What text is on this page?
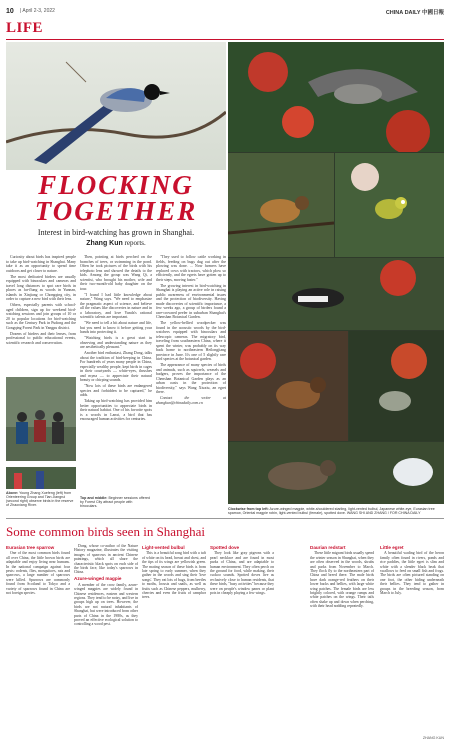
10 | April 2-3, 2022	CHINA DAILY 中國日報
LIFE
FLOCKING
TOGETHER
Interest in bird-watching has grown in Shanghai.
Zhang Kun reports.

Curiosity about birds has inspired people to take up bird-watching in Shanghai. Many take it as an opportunity to spend time outdoors and get closer to nature.

The most dedicated birders are usually equipped with binoculars and cameras and travel long distances to spot rare birds in places as far-flung as woods in Yunnan, islands in Xinjiang or Chongqing city, in order to capture a new bird with their lens.

Others, especially parents with school-aged children, sign up for weekend bird-watching sessions and join groups of 10 or 20 to popular locations for bird-watching such as the Century Park in Pudong and the Gongqing Forest Park in Yangpu district.

Dozens of birders and their lenses, from professional to public educational events, scientific research and conservation.

Above: Young Zhang Xuefeng (left) from Orienteering Group and Tian Jiangrui (second right) observe birds in the reserve of Zhaoxiang River.

Then, pointing at birds perched on the branches of trees, or swimming in the pond. Often he took pictures of the birds with his telephoto lens and showed the details to the kids. Among the group was Wang Qi, a scientist, who brought his mother, wife and their two-month-old baby daughter on the tour.

"I found I had little knowledge about nature," Wang says. "We need to emphasize the pragmatic aspect of science, and believe all the values like discoveries in nature and in a laboratory, and love Yunda's rational scientific talents are important.

"We need to tell a bit about nature and life, but you need to know it before getting your hands into protecting it.

"Watching birds is a great start in observing and understanding nature as they are aesthetically pleasant."

Another bird enthusiast, Zhang Dong, talks about the tradition of bird-keeping in China. For hundreds of years many people in China, especially wealthy people, kept birds in cages in their courtyards — white-eyes, thrushes and myna — to appreciate their natural beauty or chirping sounds.

"Now lots of these birds are endangered species and forbidden to be captured," he adds.

Taking up bird-watching has provided him better opportunities to appreciate birds in their natural habitat. One of his favorite spots is a woods in Lanxi, a bird that has encouraged human activities for centuries.

Top and middle: Beginner sessions offered by Forest City attract people with binoculars.

"They used to follow cattle working in fields, feeding on bugs dug out after the plowing was done. ... Now farmers have replaced cows with tractors, which plow so efficiently, and the egrets have gotten up to their steps, moving faster."

The growing interest in bird-watching in Shanghai is playing an active role in raising public awareness of environmental issues and the protection of biodiversity. Having made discoveries of scientific importance, a few weeks ago, a group of birders found a rare-crowned peeler in suburban Shanghai's Chenshan Botanical Garden.

The yellow-bellied woodpecker was found in the acoustic woods by the bird-watchers equipped with binoculars and telescopic cameras. The migratory bird, traveling from southeastern China, where it spent the winter, was probably on its way back home to northeastern Heilongjiang province in June. It's one of 5 slightly rare bird species at the botanical garden.

The appearance of many species of birds and animals, such as squirrels, weasels and badgers, proves the importance of the Chenshan Botanical Garden plays as an urban oasis in the protection of biodiversity," says Wang Xiuxiu, an egret there.

Contact the writer at zhangkun@chinadaily.com.cn

Clockwise from top left: Azure-winged magpie, white-shouldered starling, light-vented bulbul, Japanese white-eye, Eurasian tree sparrow, Oriental magpie robin, light-vented bulbul (female), spotted dove. WANG SHI AND ZHANG / FOR CHINA DAILY
Some common birds seen in Shanghai
Eurasian tree sparrow

One of the most common birds found all over China, the little brown birds are adaptable and enjoy living near humans. In the national campaign against four pests: rodents, flies, mosquitoes, rats and sparrows, a large number of sparrows were killed. Sparrows are commonly found from Scotland to Tokyo and a variety of sparrows found in China are not foreign species.

Dong, whose co-author of the Nature History magazine, illustrates the visiting images of sparrows in ancient Chinese paintings, which all share the characteristic black spots on each side of the birds face, like today's sparrows in China.

Azure-winged magpie

A member of the crow family, azure-winged magpies are widely found in Chinese residences, eastern and western regions. They tend to be noisy, and live in groups high up on trees. However, the birds are not natural inhabitants of Shanghai, but were introduced from other parts of China in the 1980s, as they proved an effective ecological solution to controlling a wood pest.

Light-vented bulbul

This is a beautiful song bird with a tuft of white on its head, breast and chest, and the tips of its wings are yellowish green. The mating season of these birds is from late spring to early summer, when they gather in the woods and sing their 'love songs'. They eat lots of bugs, from beetles to moths, locusts and snails, as well as fruits such as Chinese peppers, mulberry, cherries and even the fruits of camphor trees.

Spotted dove

They look like gray pigeons with a pearl necklace and are found in most parks of China, and are adaptable to human environment. They often perch on the ground for food, while making, their cuckoo sounds. Spotted doves live as reclusively close to human residents, that these birds, "busy activities" because they were on people's window panes or plant pots in cheaply playing a few wings.

Daurian redstart

These little migrant birds usually spend the winter season in Shanghai, when they are often observed in the woods, shrubs and parks from November to March. They flock fly to the northeastern part of China and breed there. The male birds have dark orange-red feathers on their lower backs and bellies, with large white wing patches. The female birds are less brightly colored, with orange rumps and white patches on the wings. Their tails often shake up and down when perching, with their head nodding repeatedly.

Little egret

A beautiful wading bird of the heron family often found in rivers, ponds and rice paddies, the little egret is slim and white with a slender black beak that swallows to feed on small fish and frogs. The birds are often pictured standing on one foot, the other hiding underneath their bellies. They tend to gather in groups in the breeding season, from March to July.

ZHANG KUN
